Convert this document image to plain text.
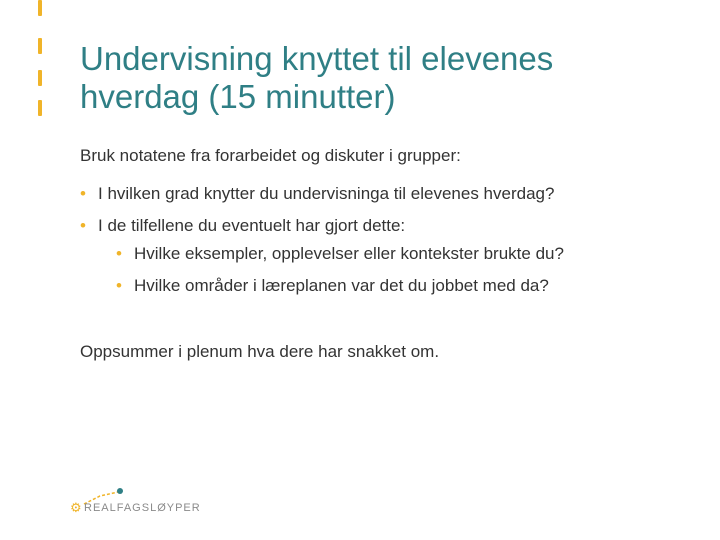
Undervisning knyttet til elevenes hverdag (15 minutter)
Bruk notatene fra forarbeidet og diskuter i grupper:
• I hvilken grad knytter du undervisninga til elevenes hverdag?
• I de tilfellene du eventuelt har gjort dette:
• Hvilke eksempler, opplevelser eller kontekster brukte du?
• Hvilke områder i læreplanen var det du jobbet med da?
Oppsummer i plenum hva dere har snakket om.
⚙ REALFAGSLØYPER
